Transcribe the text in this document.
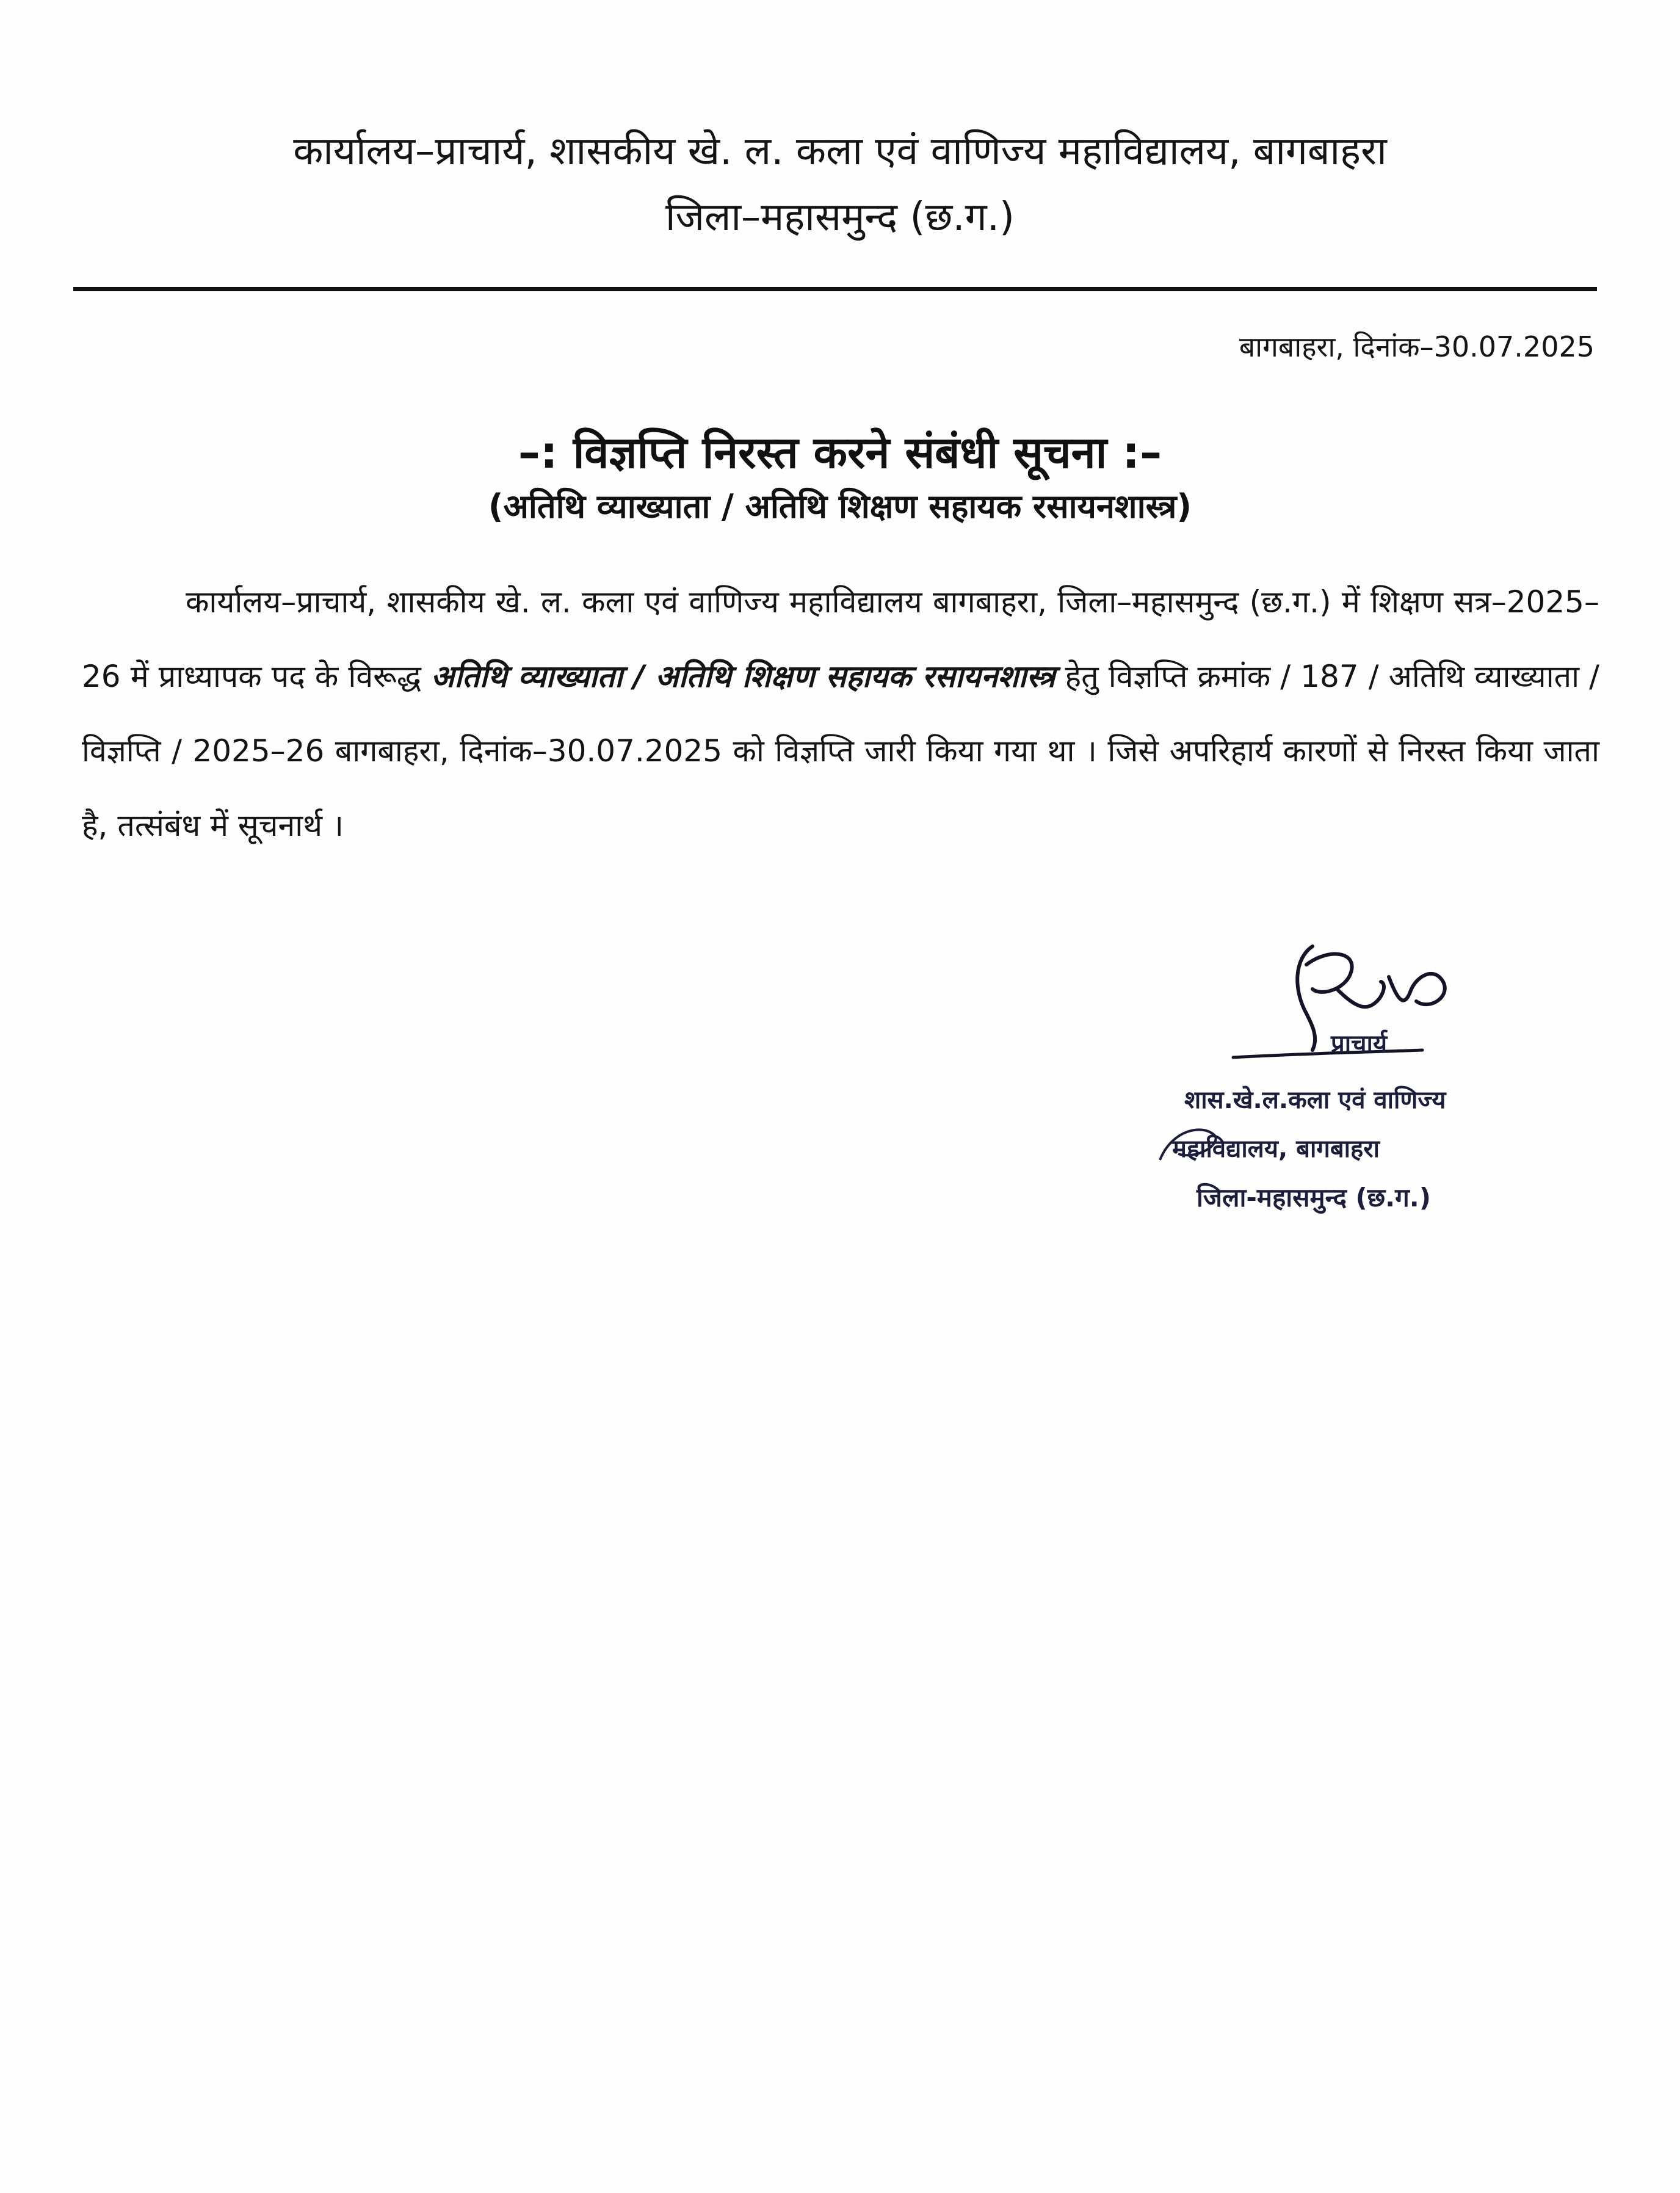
कार्यालय–प्राचार्य, शासकीय खे. ल. कला एवं वाणिज्य महाविद्यालय, बागबाहरा
जिला–महासमुन्द (छ.ग.)
बागबाहरा, दिनांक–30.07.2025
–: विज्ञप्ति निरस्त करने संबंधी सूचना :–
(अतिथि व्याख्याता / अतिथि शिक्षण सहायक रसायनशास्त्र)
कार्यालय–प्राचार्य, शासकीय खे. ल. कला एवं वाणिज्य महाविद्यालय बागबाहरा, जिला–महासमुन्द (छ.ग.) में शिक्षण सत्र–2025–26 में प्राध्यापक पद के विरूद्ध अतिथि व्याख्याता / अतिथि शिक्षण सहायक रसायनशास्त्र हेतु विज्ञप्ति क्रमांक / 187 / अतिथि व्याख्याता / विज्ञप्ति / 2025–26 बागबाहरा, दिनांक–30.07.2025 को विज्ञप्ति जारी किया गया था । जिसे अपरिहार्य कारणों से निरस्त किया जाता है, तत्संबंध में सूचनार्थ ।
प्राचार्य
शास.खे.ल.कला एवं वाणिज्य
महाविद्यालय, बागबाहरा
जिला-महासमुन्द (छ.ग.)
